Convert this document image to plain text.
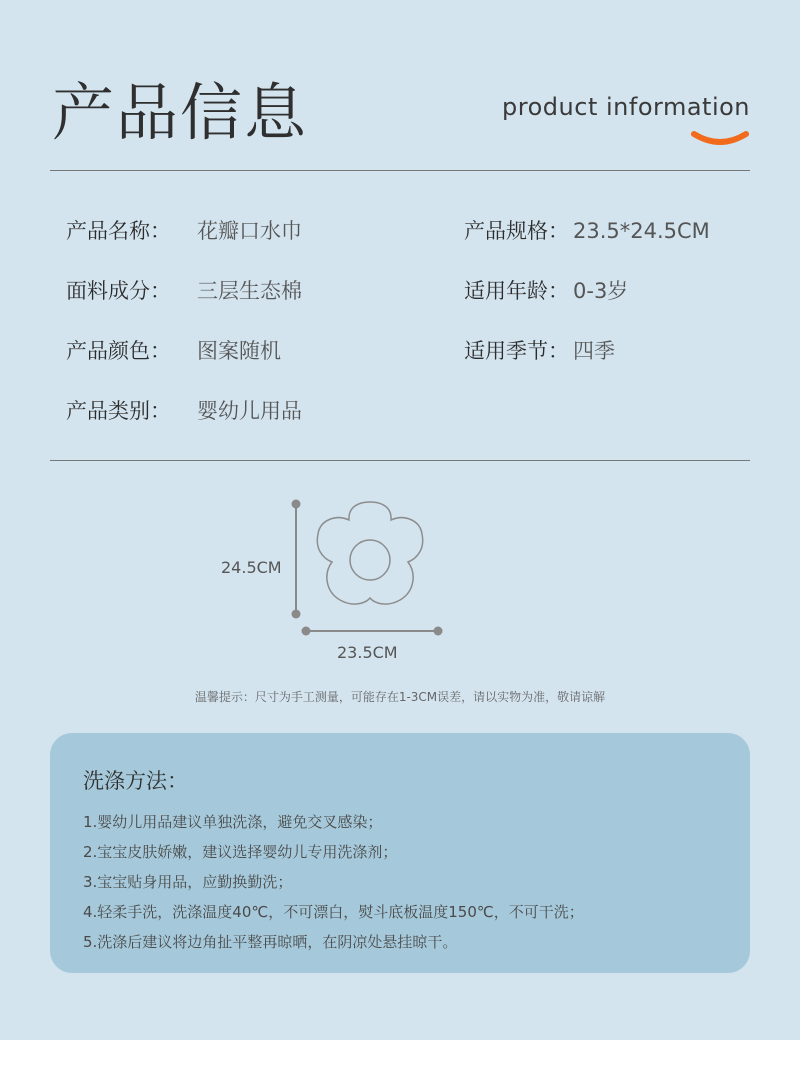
产品信息	product information
产品名称： 花瓣口水巾
面料成分： 三层生态棉
产品颜色： 图案随机
产品类别： 婴幼儿用品
产品规格： 23.5*24.5CM
适用年龄： 0-3岁
适用季节： 四季
24.5CM
23.5CM
温馨提示：尺寸为手工测量，可能存在1-3CM误差，请以实物为准，敬请谅解
洗涤方法：
1.婴幼儿用品建议单独洗涤，避免交叉感染；
2.宝宝皮肤娇嫩，建议选择婴幼儿专用洗涤剂；
3.宝宝贴身用品，应勤换勤洗；
4.轻柔手洗，洗涤温度40℃，不可漂白，熨斗底板温度150℃，不可干洗；
5.洗涤后建议将边角扯平整再晾晒，在阴凉处悬挂晾干。
